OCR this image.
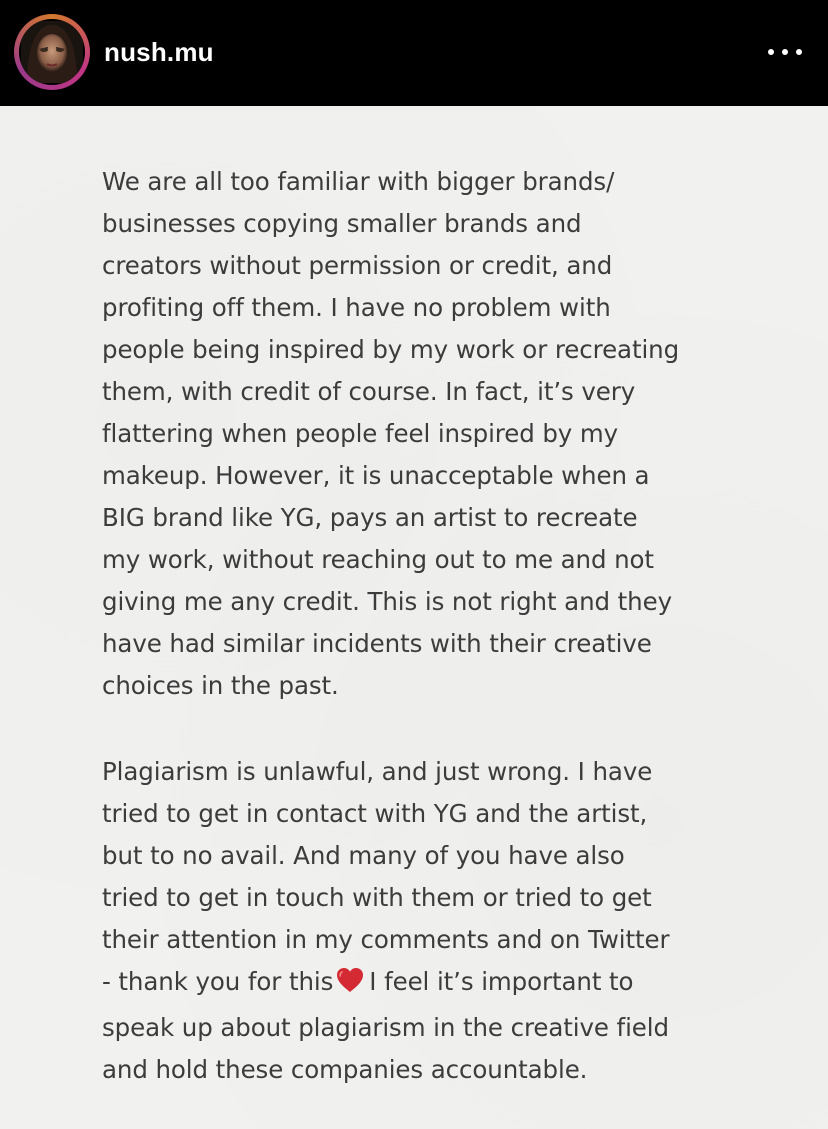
nush.mu

We are all too familiar with bigger brands/
businesses copying smaller brands and
creators without permission or credit, and
profiting off them. I have no problem with
people being inspired by my work or recreating
them, with credit of course. In fact, it’s very
flattering when people feel inspired by my
makeup. However, it is unacceptable when a
BIG brand like YG, pays an artist to recreate
my work, without reaching out to me and not
giving me any credit. This is not right and they
have had similar incidents with their creative
choices in the past.

Plagiarism is unlawful, and just wrong. I have
tried to get in contact with YG and the artist,
but to no avail. And many of you have also
tried to get in touch with them or tried to get
their attention in my comments and on Twitter
- thank you for this I feel it’s important to
speak up about plagiarism in the creative field
and hold these companies accountable.
